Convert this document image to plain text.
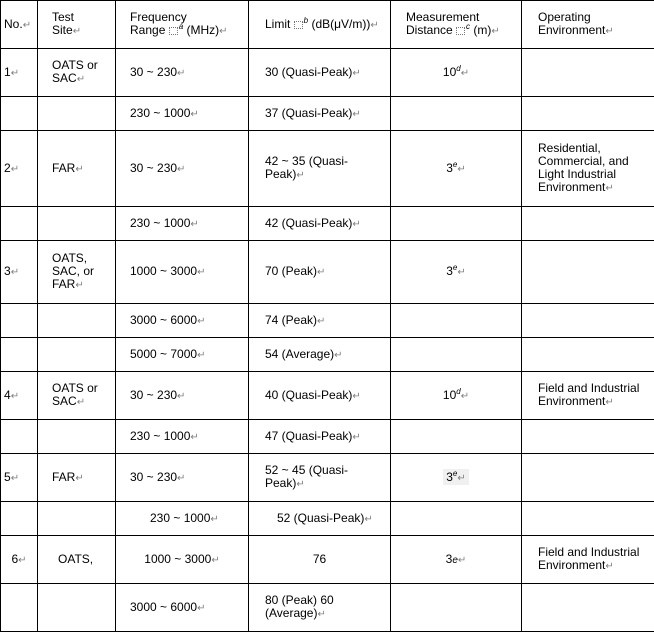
No.↵	Test
Site↵	Frequency
Range $^a$ (MHz)↵	Limit $^b$ (dB(μV/m))↵	Measurement
Distance $^c$ (m)↵	Operating
Environment↵
1↵	OATS or SAC↵	30 ~ 230↵	30 (Quasi-Peak)↵	10$^d$↵	
		230 ~ 1000↵	37 (Quasi-Peak)↵		
2↵	FAR↵	30 ~ 230↵	42 ~ 35 (Quasi-Peak)↵	3e↵	Residential, Commercial, and Light Industrial Environment↵
		230 ~ 1000↵	42 (Quasi-Peak)↵		
3↵	OATS, SAC, or FAR↵	1000 ~ 3000↵	70 (Peak)↵	3e↵	
		3000 ~ 6000↵	74 (Peak)↵		
		5000 ~ 7000↵	54 (Average)↵		
4↵	OATS or SAC↵	30 ~ 230↵	40 (Quasi-Peak)↵	10$^d$↵	Field and Industrial Environment↵
		230 ~ 1000↵	47 (Quasi-Peak)↵		
5↵	FAR↵	30 ~ 230↵	52 ~ 45 (Quasi-Peak)↵	3e↵	
		230 ~ 1000↵	52 (Quasi-Peak)↵		
6↵	OATS,	1000 ~ 3000↵	76	3e↵	Field and Industrial Environment↵
		3000 ~ 6000↵	80 (Peak) 60 (Average)↵		
